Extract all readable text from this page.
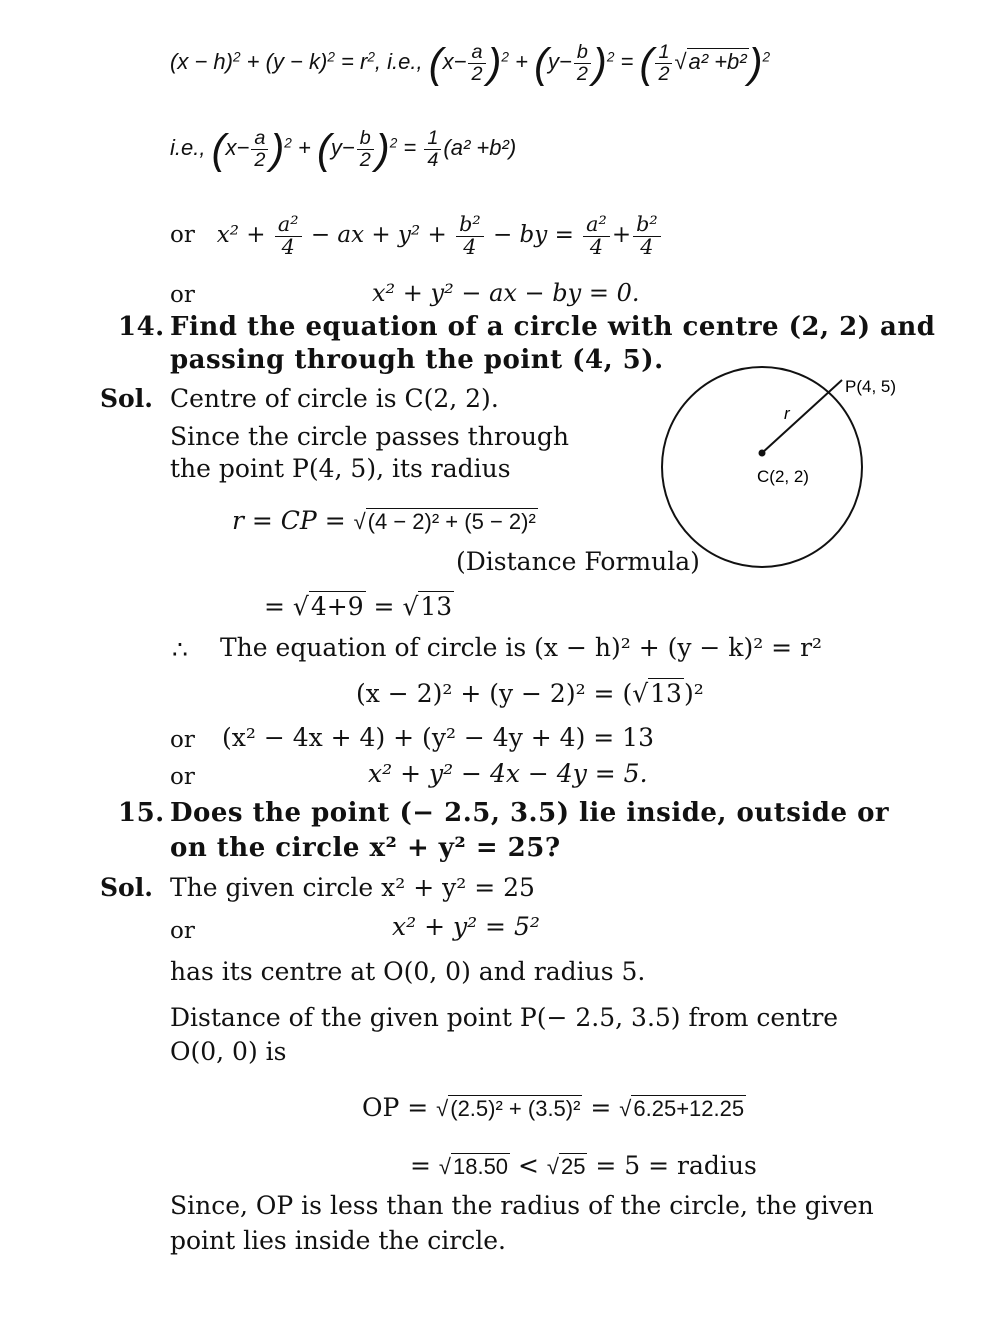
$(x - h)^2 + (y - k)^2 = r^2$, i.e., $(x- \frac{a}{2} )^2 + (y- \frac{b}{2} )^2$ = ( $\frac{1}{2} √a^2 +b^2)^2$
i.e., $(x- \frac{a}{2} )^2 + (y- \frac{b}{2} )^2 = \frac{1}{4} (a^2 +b^2)$
or $x^2 + \frac{\text{a²}}{4}$ − ax + $y^2 + \frac{\text{b²}}{4}$ − by = $\frac{\text{a²}}{4} + \frac{\text{b²}}{4}$
or	x² + y² − ax − by = 0.
14. Find the equation of a circle with centre (2, 2) and
passing through the point (4, 5).
Sol. Centre of circle is C(2, 2).
Since the circle passes through
the point P(4, 5), its radius
P(4, 5)
C(2, 2)
r
r = CP = √(4 − 2)² + (5 − 2)²
(Distance Formula)
= √4+9 = √13
∴ The equation of circle is (x − h)² + (y − k)² = r²
(x − 2)² + (y − 2)² = (√13)²
or (x² − 4x + 4) + (y² − 4y + 4) = 13
or	x² + y² − 4x − 4y = 5.
15. Does the point (− 2.5, 3.5) lie inside, outside or
on the circle x² + y² = 25?
Sol. The given circle x² + y² = 25
or	x² + y² = 5²
has its centre at O(0, 0) and radius 5.
Distance of the given point P(− 2.5, 3.5) from centre
O(0, 0) is
OP = √(2.5)² + (3.5)² = √6.25+12.25
= √18.50 < √25 = 5 = radius
Since, OP is less than the radius of the circle, the given
point lies inside the circle.
